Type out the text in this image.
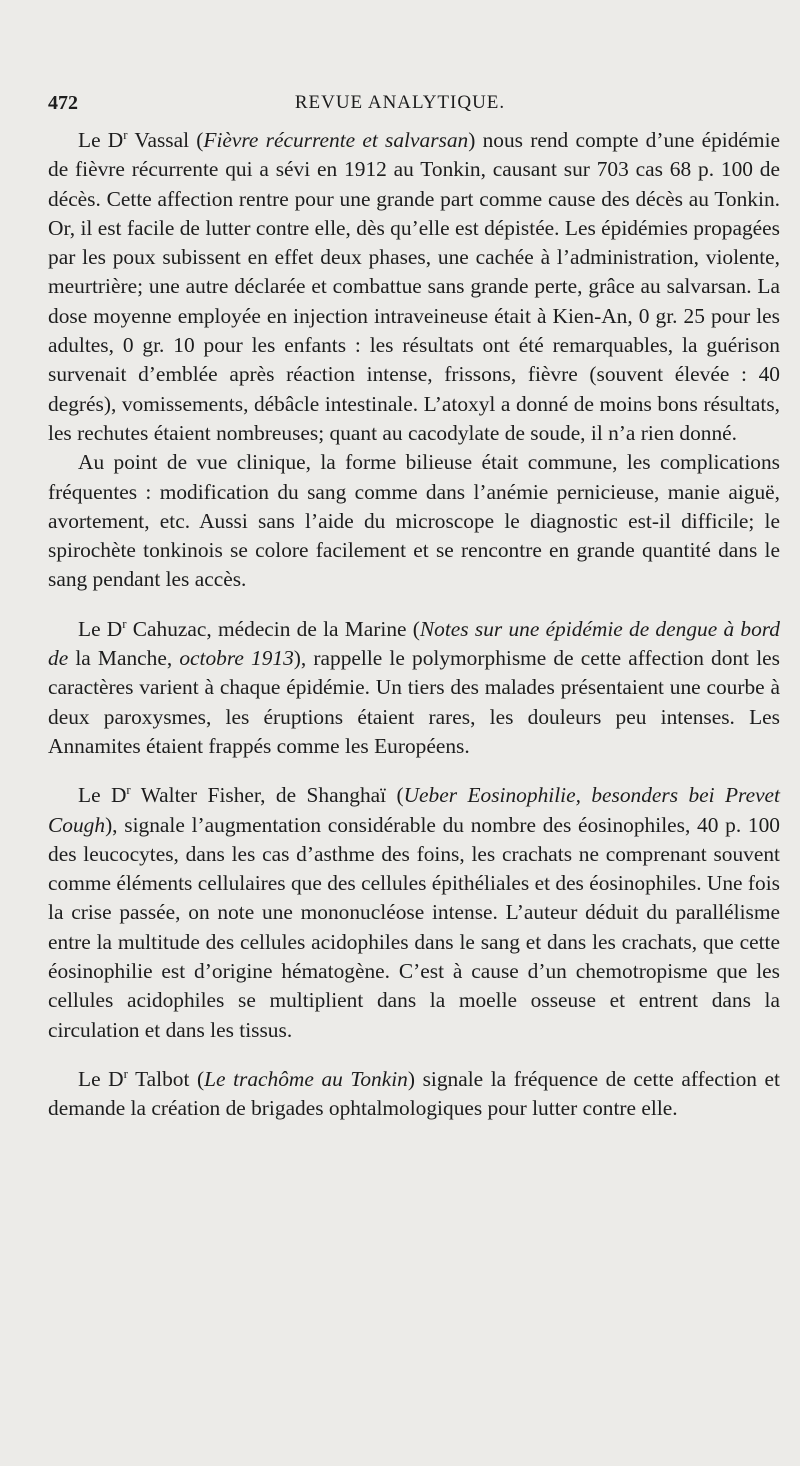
472	REVUE ANALYTIQUE.

Le $D^r$ Vassal (Fièvre récurrente et salvarsan) nous rend compte d’une épidémie de fièvre récurrente qui a sévi en 1912 au Tonkin, causant sur 703 cas 68 p. 100 de décès. Cette affection rentre pour une grande part comme cause des décès au Tonkin. Or, il est facile de lutter contre elle, dès qu’elle est dépistée. Les épidémies propagées par les poux subissent en effet deux phases, une cachée à l’administration, violente, meurtrière; une autre déclarée et combattue sans grande perte, grâce au salvarsan. La dose moyenne employée en injection intraveineuse était à Kien-An, 0 gr. 25 pour les adultes, 0 gr. 10 pour les enfants : les résultats ont été remarquables, la guérison survenait d’emblée après réaction intense, frissons, fièvre (souvent élevée : 40 degrés), vomissements, débâcle intestinale. L’atoxyl a donné de moins bons résultats, les rechutes étaient nombreuses; quant au cacodylate de soude, il n’a rien donné.

Au point de vue clinique, la forme bilieuse était commune, les complications fréquentes : modification du sang comme dans l’anémie pernicieuse, manie aiguë, avortement, etc. Aussi sans l’aide du microscope le diagnostic est-il difficile; le spirochète tonkinois se colore facilement et se rencontre en grande quantité dans le sang pendant les accès.

Le $D^r$ Cahuzac, médecin de la Marine (Notes sur une épidémie de dengue à bord de la Manche, octobre 1913), rappelle le polymorphisme de cette affection dont les caractères varient à chaque épidémie. Un tiers des malades présentaient une courbe à deux paroxysmes, les éruptions étaient rares, les douleurs peu intenses. Les Annamites étaient frappés comme les Européens.

Le $D^r$ Walter Fisher, de Shanghaï (Ueber Eosinophilie, besonders bei Prevet Cough), signale l’augmentation considérable du nombre des éosinophiles, 40 p. 100 des leucocytes, dans les cas d’asthme des foins, les crachats ne comprenant souvent comme éléments cellulaires que des cellules épithéliales et des éosinophiles. Une fois la crise passée, on note une mononucléose intense. L’auteur déduit du parallélisme entre la multitude des cellules acidophiles dans le sang et dans les crachats, que cette éosinophilie est d’origine hématogène. C’est à cause d’un chemotropisme que les cellules acidophiles se multiplient dans la moelle osseuse et entrent dans la circulation et dans les tissus.

Le $D^r$ Talbot (Le trachôme au Tonkin) signale la fréquence de cette affection et demande la création de brigades ophtalmologiques pour lutter contre elle.
